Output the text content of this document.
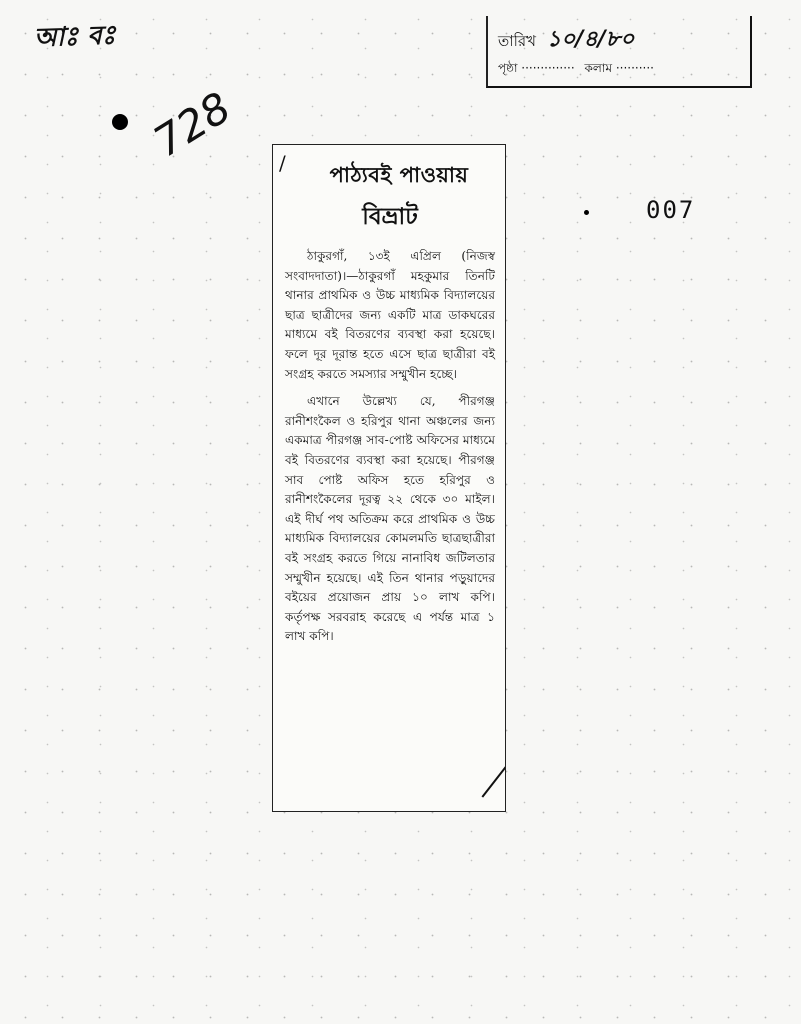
আঃ বঃ
728
তারিখ ১০/৪/৮০
পৃষ্ঠা ·············· কলাম ··········
007
/	পাঠ্যবই পাওয়ায়
বিভ্রাট

ঠাকুরগাঁ, ১৩ই এপ্রিল (নিজস্ব সংবাদদাতা)।—ঠাকুরগাঁ মহকুমার তিনটি থানার প্রাথমিক ও উচ্চ মাধ্যমিক বিদ্যালয়ের ছাত্র ছাত্রীদের জন্য একটি মাত্র ডাকঘরের মাধ্যমে বই বিতরণের ব্যবস্থা করা হয়েছে। ফলে দূর দূরান্ত হতে এসে ছাত্র ছাত্রীরা বই সংগ্রহ করতে সমস্যার সম্মুখীন হচ্ছে।

এখানে উল্লেখ্য যে, পীরগঞ্জ রানীশংকৈল ও হরিপুর থানা অঞ্চলের জন্য একমাত্র পীরগঞ্জ সাব-পোষ্ট অফিসের মাধ্যমে বই বিতরণের ব্যবস্থা করা হয়েছে। পীরগঞ্জ সাব পোষ্ট অফিস হতে হরিপুর ও রানীশংকৈলের দূরত্ব ২২ থেকে ৩০ মাইল। এই দীর্ঘ পথ অতিক্রম করে প্রাথমিক ও উচ্চ মাধ্যমিক বিদ্যালয়ের কোমলমতি ছাত্রছাত্রীরা বই সংগ্রহ করতে গিয়ে নানাবিধ জটিলতার সম্মুখীন হয়েছে। এই তিন থানার পড়ুয়াদের বইয়ের প্রয়োজন প্রায় ১০ লাখ কপি। কর্তৃপক্ষ সরবরাহ করেছে এ পর্যন্ত মাত্র ১ লাখ কপি।
